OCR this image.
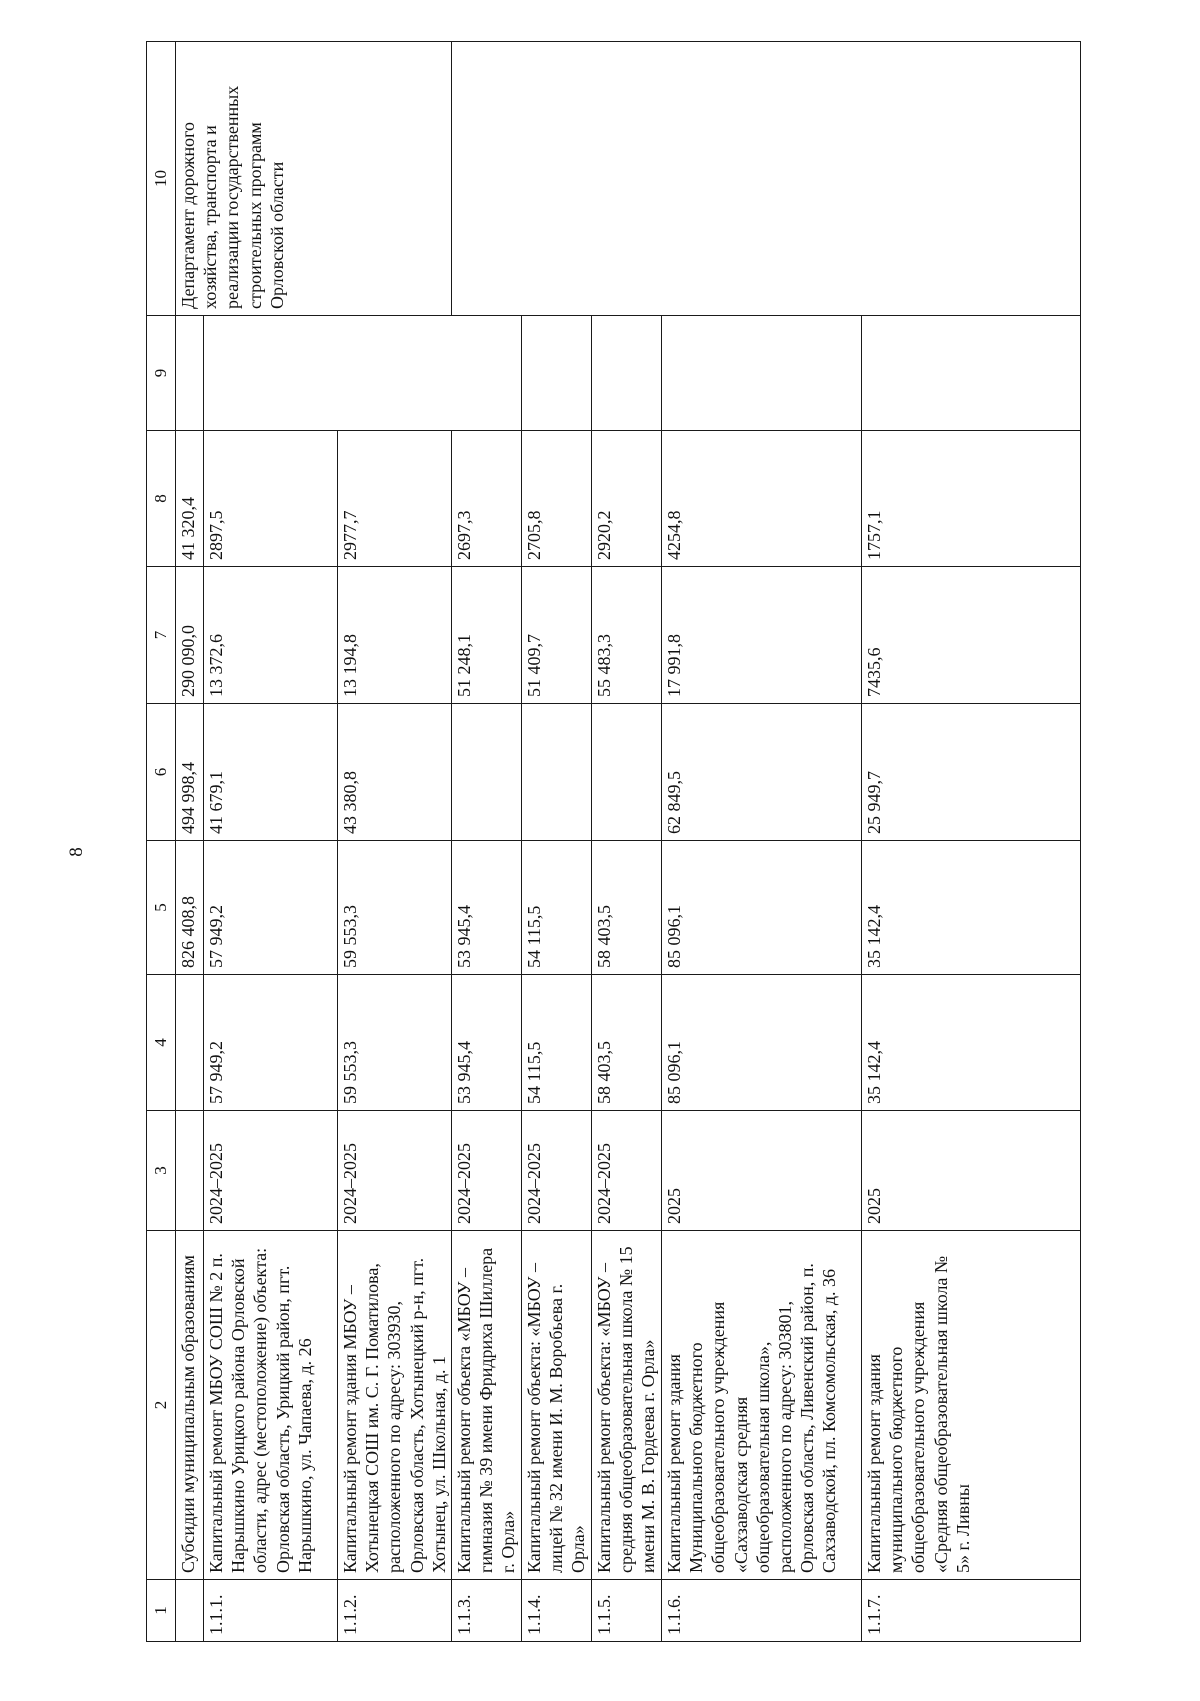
8
1	2	3	4	5	6	7	8	9	10	
	Субсидии муниципальным образованиям			826 408,8	494 998,4	290 090,0	41 320,4		Департамент дорожного хозяйства, транспорта и реализации государственных строительных программ Орловской области	
1.1.1.	Капитальный ремонт МБОУ СОШ № 2 п. Нарышкино Урицкого района Орловской области, адрес (местоположение) объекта: Орловская область, Урицкий район, пгт. Нарышкино, ул. Чапаева, д. 26	2024–2025	57 949,2	57 949,2	41 679,1	13 372,6	2897,5			
1.1.2.	Капитальный ремонт здания МБОУ – Хотынецкая СОШ им. С. Г. Поматилова, расположенного по адресу: 303930, Орловская область, Хотынецкий р-н, пгт. Хотынец, ул. Школьная, д. 1	2024–2025	59 553,3	59 553,3	43 380,8	13 194,8	2977,7			
1.1.3.	Капитальный ремонт объекта «МБОУ – гимназия № 39 имени Фридриха Шиллера г. Орла»	2024–2025	53 945,4	53 945,4		51 248,1	2697,3			
1.1.4.	Капитальный ремонт объекта: «МБОУ – лицей № 32 имени И. М. Воробьева г. Орла»	2024–2025	54 115,5	54 115,5		51 409,7	2705,8			
1.1.5.	Капитальный ремонт объекта: «МБОУ – средняя общеобразовательная школа № 15 имени М. В. Гордеева г. Орла»	2024–2025	58 403,5	58 403,5		55 483,3	2920,2			
1.1.6.	Капитальный ремонт здания Муниципального бюджетного общеобразовательного учреждения «Сахзаводская средняя общеобразовательная школа», расположенного по адресу: 303801, Орловская область, Ливенский район, п. Сахзаводской, пл. Комсомольская, д. 36	2025	85 096,1	85 096,1	62 849,5	17 991,8	4254,8			
1.1.7.	Капитальный ремонт здания муниципального бюджетного общеобразовательного учреждения «Средняя общеобразовательная школа № 5» г. Ливны	2025	35 142,4	35 142,4	25 949,7	7435,6	1757,1			
